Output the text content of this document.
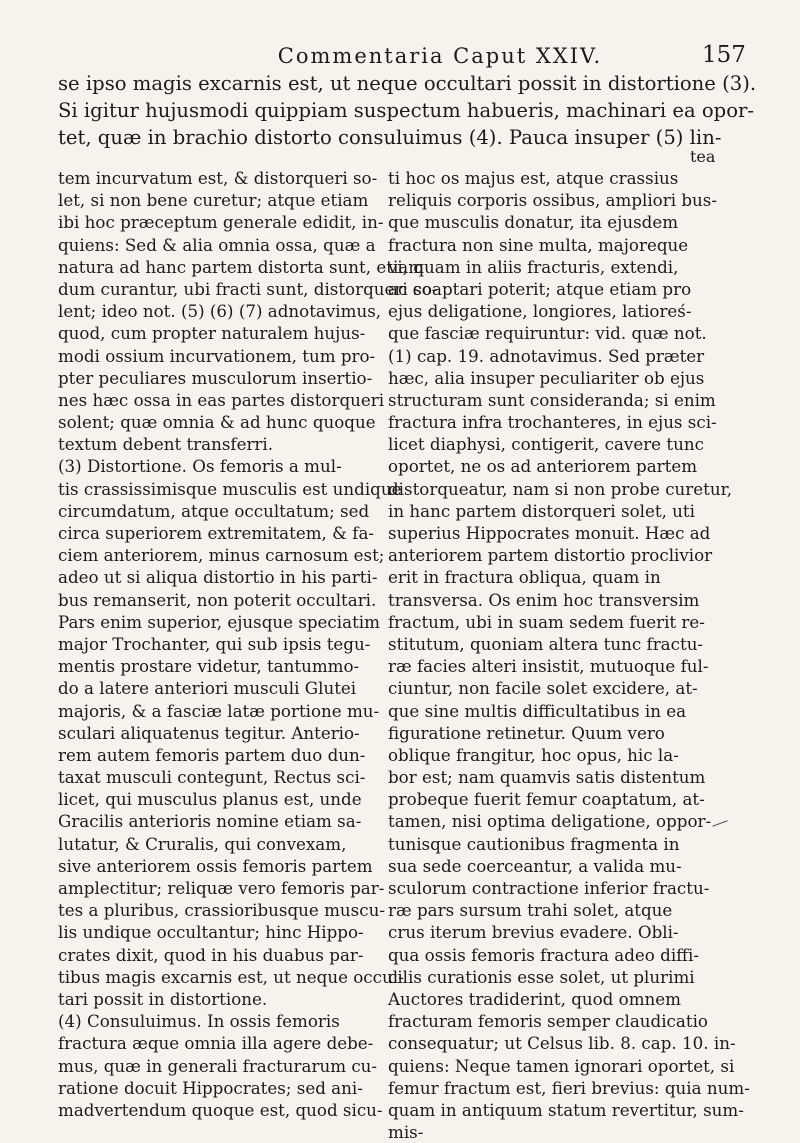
Commentaria Caput XXIV.	157
se ipso magis excarnis est, ut neque occultari possit in distortione (3).
Si igitur hujusmodi quippiam suspectum habueris, machinari ea opor-
tet, quæ in brachio distorto consuluimus (4). Pauca insuper (5) lin-
tea
tem incurvatum est, & distorqueri so-
let, si non bene curetur; atque etiam
ibi hoc præceptum generale edidit, in-
quiens: Sed & alia omnia ossa, quæ a
natura ad hanc partem distorta sunt, etiam
dum curantur, ubi fracti sunt, distorqueri so-
lent; ideo not. (5) (6) (7) adnotavimus,
quod, cum propter naturalem hujus-
modi ossium incurvationem, tum pro-
pter peculiares musculorum insertio-
nes hæc ossa in eas partes distorqueri
solent; quæ omnia & ad hunc quoque
textum debent transferri.
(3) Distortione. Os femoris a mul-
tis crassissimisque musculis est undique
circumdatum, atque occultatum; sed
circa superiorem extremitatem, & fa-
ciem anteriorem, minus carnosum est;
adeo ut si aliqua distortio in his parti-
bus remanserit, non poterit occultari.
Pars enim superior, ejusque speciatim
major Trochanter, qui sub ipsis tegu-
mentis prostare videtur, tantummo-
do a latere anteriori musculi Glutei
majoris, & a fasciæ latæ portione mu-
sculari aliquatenus tegitur. Anterio-
rem autem femoris partem duo dun-
taxat musculi contegunt, Rectus sci-
licet, qui musculus planus est, unde
Gracilis anterioris nomine etiam sa-
lutatur, & Cruralis, qui convexam,
sive anteriorem ossis femoris partem
amplectitur; reliquæ vero femoris par-
tes a pluribus, crassioribusque muscu-
lis undique occultantur; hinc Hippo-
crates dixit, quod in his duabus par-
tibus magis excarnis est, ut neque occul-
tari possit in distortione.
(4) Consuluimus. In ossis femoris
fractura æque omnia illa agere debe-
mus, quæ in generali fracturarum cu-
ratione docuit Hippocrates; sed ani-
madvertendum quoque est, quod sicu-
ti hoc os majus est, atque crassius
reliquis corporis ossibus, ampliori bus-
que musculis donatur, ita ejusdem
fractura non sine multa, majoreque
vi, quam in aliis fracturis, extendi,
ac coaptari poterit; atque etiam pro
ejus deligatione, longiores, latioreś-
que fasciæ requiruntur: vid. quæ not.
(1) cap. 19. adnotavimus. Sed præter
hæc, alia insuper peculiariter ob ejus
structuram sunt consideranda; si enim
fractura infra trochanteres, in ejus sci-
licet diaphysi, contigerit, cavere tunc
oportet, ne os ad anteriorem partem
distorqueatur, nam si non probe curetur,
in hanc partem distorqueri solet, uti
superius Hippocrates monuit. Hæc ad
anteriorem partem distortio proclivior
erit in fractura obliqua, quam in
transversa. Os enim hoc transversim
fractum, ubi in suam sedem fuerit re-
stitutum, quoniam altera tunc fractu-
ræ facies alteri insistit, mutuoque ful-
ciuntur, non facile solet excidere, at-
que sine multis difficultatibus in ea
figuratione retinetur. Quum vero
oblique frangitur, hoc opus, hic la-
bor est; nam quamvis satis distentum
probeque fuerit femur coaptatum, at-
tamen, nisi optima deligatione, oppor-
tunisque cautionibus fragmenta in
sua sede coerceantur, a valida mu-
sculorum contractione inferior fractu-
ræ pars sursum trahi solet, atque
crus iterum brevius evadere. Obli-
qua ossis femoris fractura adeo diffi-
cilis curationis esse solet, ut plurimi
Auctores tradiderint, quod omnem
fracturam femoris semper claudicatio
consequatur; ut Celsus lib. 8. cap. 10. in-
quiens: Neque tamen ignorari oportet, si
femur fractum est, fieri brevius: quia num-
quam in antiquum statum revertitur, sum-
mis-
